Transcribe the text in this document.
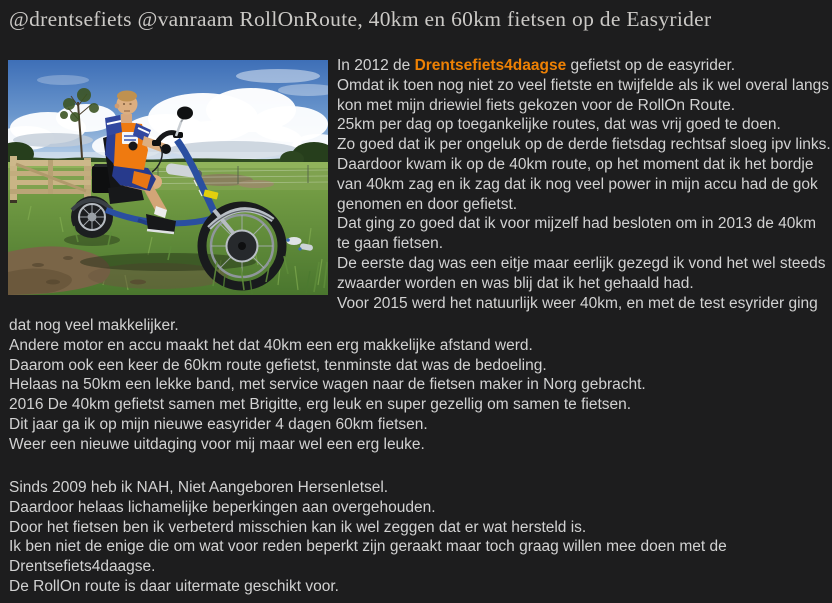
@drentsefiets @vanraam RollOnRoute, 40km en 60km fietsen op de Easyrider
In 2012 de Drentsefiets4daagse gefietst op de easyrider.
Omdat ik toen nog niet zo veel fietste en twijfelde als ik wel overal langs
kon met mijn driewiel fiets gekozen voor de RollOn Route.
25km per dag op toegankelijke routes, dat was vrij goed te doen.
Zo goed dat ik per ongeluk op de derde fietsdag rechtsaf sloeg ipv links.
Daardoor kwam ik op de 40km route, op het moment dat ik het bordje
van 40km zag en ik zag dat ik nog veel power in mijn accu had de gok
genomen en door gefietst.
Dat ging zo goed dat ik voor mijzelf had besloten om in 2013 de 40km
te gaan fietsen.
De eerste dag was een eitje maar eerlijk gezegd ik vond het wel steeds
zwaarder worden en was blij dat ik het gehaald had.
Voor 2015 werd het natuurlijk weer 40km, en met de test esyrider ging
dat nog veel makkelijker.
Andere motor en accu maakt het dat 40km een erg makkelijke afstand werd.
Daarom ook een keer de 60km route gefietst, tenminste dat was de bedoeling.
Helaas na 50km een lekke band, met service wagen naar de fietsen maker in Norg gebracht.
2016 De 40km gefietst samen met Brigitte, erg leuk en super gezellig om samen te fietsen.
Dit jaar ga ik op mijn nieuwe easyrider 4 dagen 60km fietsen.
Weer een nieuwe uitdaging voor mij maar wel een erg leuke.
Sinds 2009 heb ik NAH, Niet Aangeboren Hersenletsel.
Daardoor helaas lichamelijke beperkingen aan overgehouden.
Door het fietsen ben ik verbeterd misschien kan ik wel zeggen dat er wat hersteld is.
Ik ben niet de enige die om wat voor reden beperkt zijn geraakt maar toch graag willen mee doen met de
Drentsefiets4daagse.
De RollOn route is daar uitermate geschikt voor.
